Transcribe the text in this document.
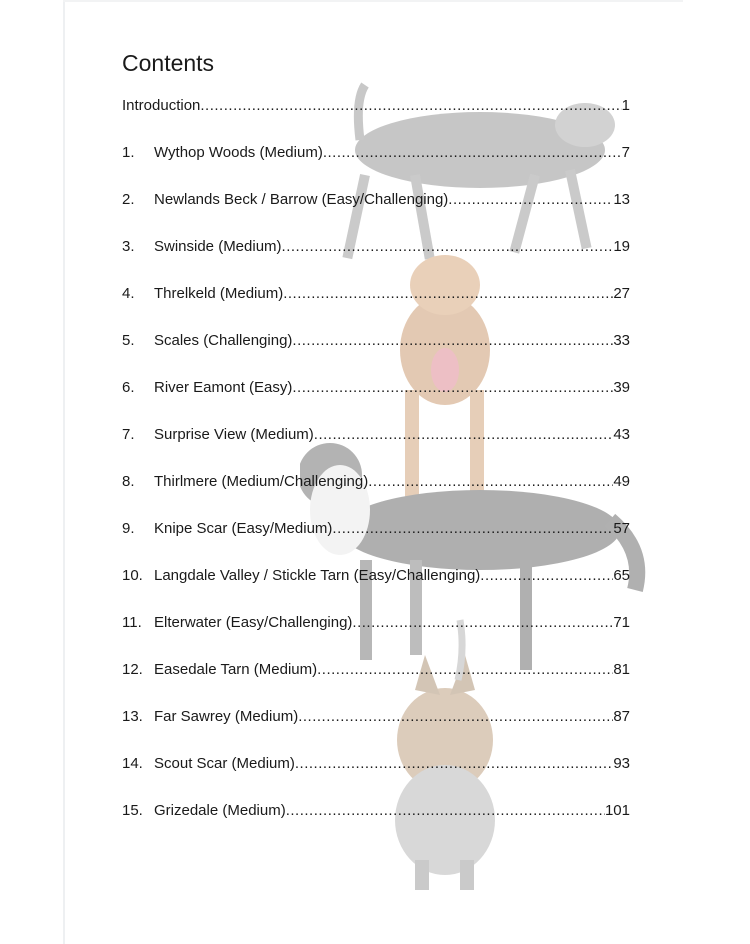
Contents
Introduction .....	1
1.	Wythop Woods (Medium) .....	7
2.	Newlands Beck / Barrow (Easy/Challenging) .....	13
3.	Swinside (Medium) .....	19
4.	Threlkeld (Medium) .....	27
5.	Scales (Challenging) .....	33
6.	River Eamont (Easy) .....	39
7.	Surprise View (Medium) .....	43
8.	Thirlmere (Medium/Challenging) .....	49
9.	Knipe Scar (Easy/Medium) .....	57
10. Langdale Valley / Stickle Tarn (Easy/Challenging) .....	65
11. Elterwater (Easy/Challenging) .....	71
12. Easedale Tarn (Medium) .....	81
13. Far Sawrey (Medium) .....	87
14. Scout Scar (Medium) .....	93
15. Grizedale (Medium) .....	101
